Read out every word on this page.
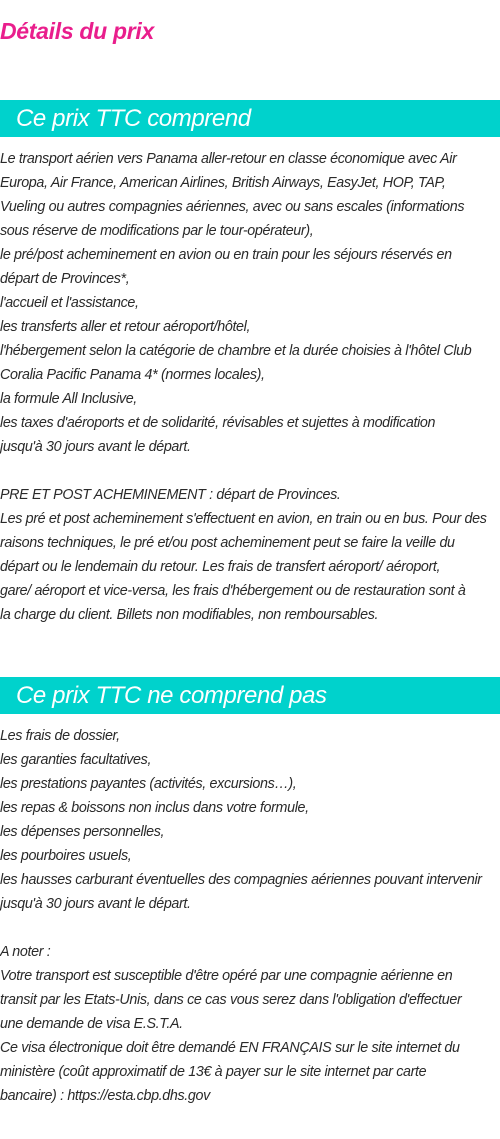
Détails du prix
Ce prix TTC comprend
Le transport aérien vers Panama aller-retour en classe économique avec Air
Europa, Air France, American Airlines, British Airways, EasyJet, HOP, TAP,
Vueling ou autres compagnies aériennes, avec ou sans escales (informations
sous réserve de modifications par le tour-opérateur),
le pré/post acheminement en avion ou en train pour les séjours réservés en
départ de Provinces*,
l'accueil et l'assistance,
les transferts aller et retour aéroport/hôtel,
l'hébergement selon la catégorie de chambre et la durée choisies à l'hôtel Club
Coralia Pacific Panama 4* (normes locales),
la formule All Inclusive,
les taxes d'aéroports et de solidarité, révisables et sujettes à modification
jusqu'à 30 jours avant le départ.
PRE ET POST ACHEMINEMENT : départ de Provinces.
Les pré et post acheminement s'effectuent en avion, en train ou en bus. Pour des
raisons techniques, le pré et/ou post acheminement peut se faire la veille du
départ ou le lendemain du retour. Les frais de transfert aéroport/ aéroport,
gare/ aéroport et vice-versa, les frais d'hébergement ou de restauration sont à
la charge du client. Billets non modifiables, non remboursables.
Ce prix TTC ne comprend pas
Les frais de dossier,
les garanties facultatives,
les prestations payantes (activités, excursions…),
les repas & boissons non inclus dans votre formule,
les dépenses personnelles,
les pourboires usuels,
les hausses carburant éventuelles des compagnies aériennes pouvant intervenir
jusqu'à 30 jours avant le départ.
A noter :
Votre transport est susceptible d'être opéré par une compagnie aérienne en
transit par les Etats-Unis, dans ce cas vous serez dans l'obligation d'effectuer
une demande de visa E.S.T.A.
Ce visa électronique doit être demandé EN FRANÇAIS sur le site internet du
ministère (coût approximatif de 13€ à payer sur le site internet par carte
bancaire) : https://esta.cbp.dhs.gov
